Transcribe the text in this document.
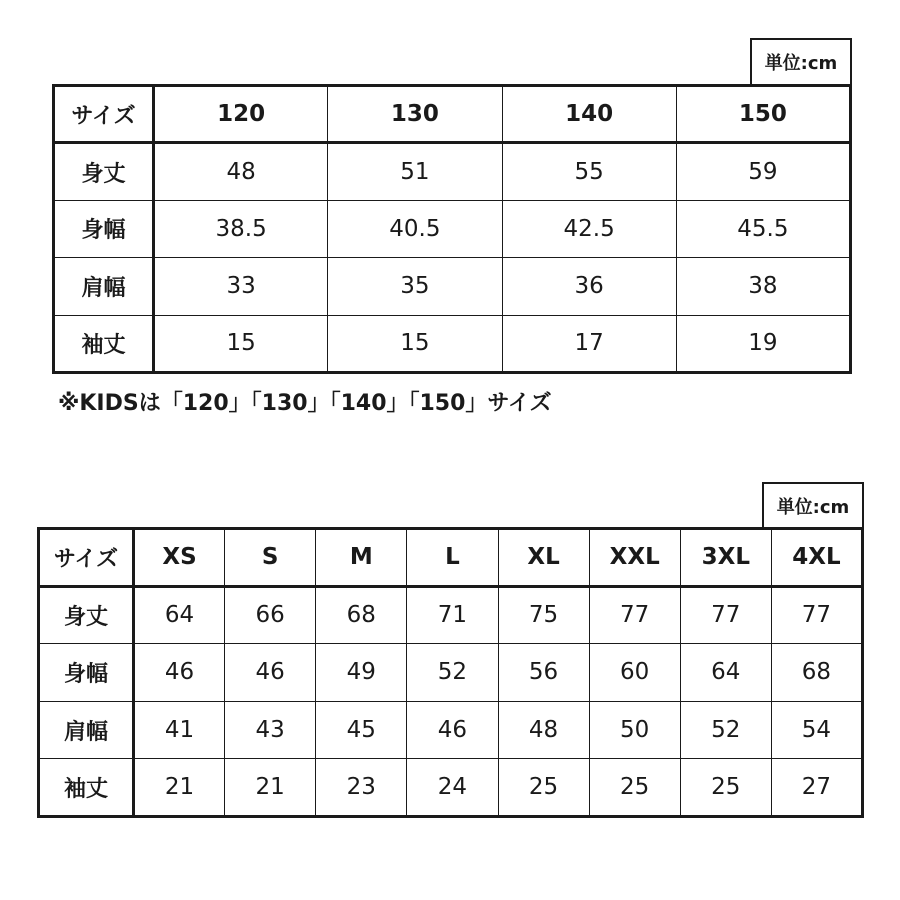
単位:cm
サイズ	120	130	140	150
身丈	48	51	55	59
身幅	38.5	40.5	42.5	45.5
肩幅	33	35	36	38
袖丈	15	15	17	19
※KIDSは「120」「130」「140」「150」サイズ
単位:cm
サイズ	XS	S	M	L	XL	XXL	3XL	4XL
身丈	64	66	68	71	75	77	77	77
身幅	46	46	49	52	56	60	64	68
肩幅	41	43	45	46	48	50	52	54
袖丈	21	21	23	24	25	25	25	27
